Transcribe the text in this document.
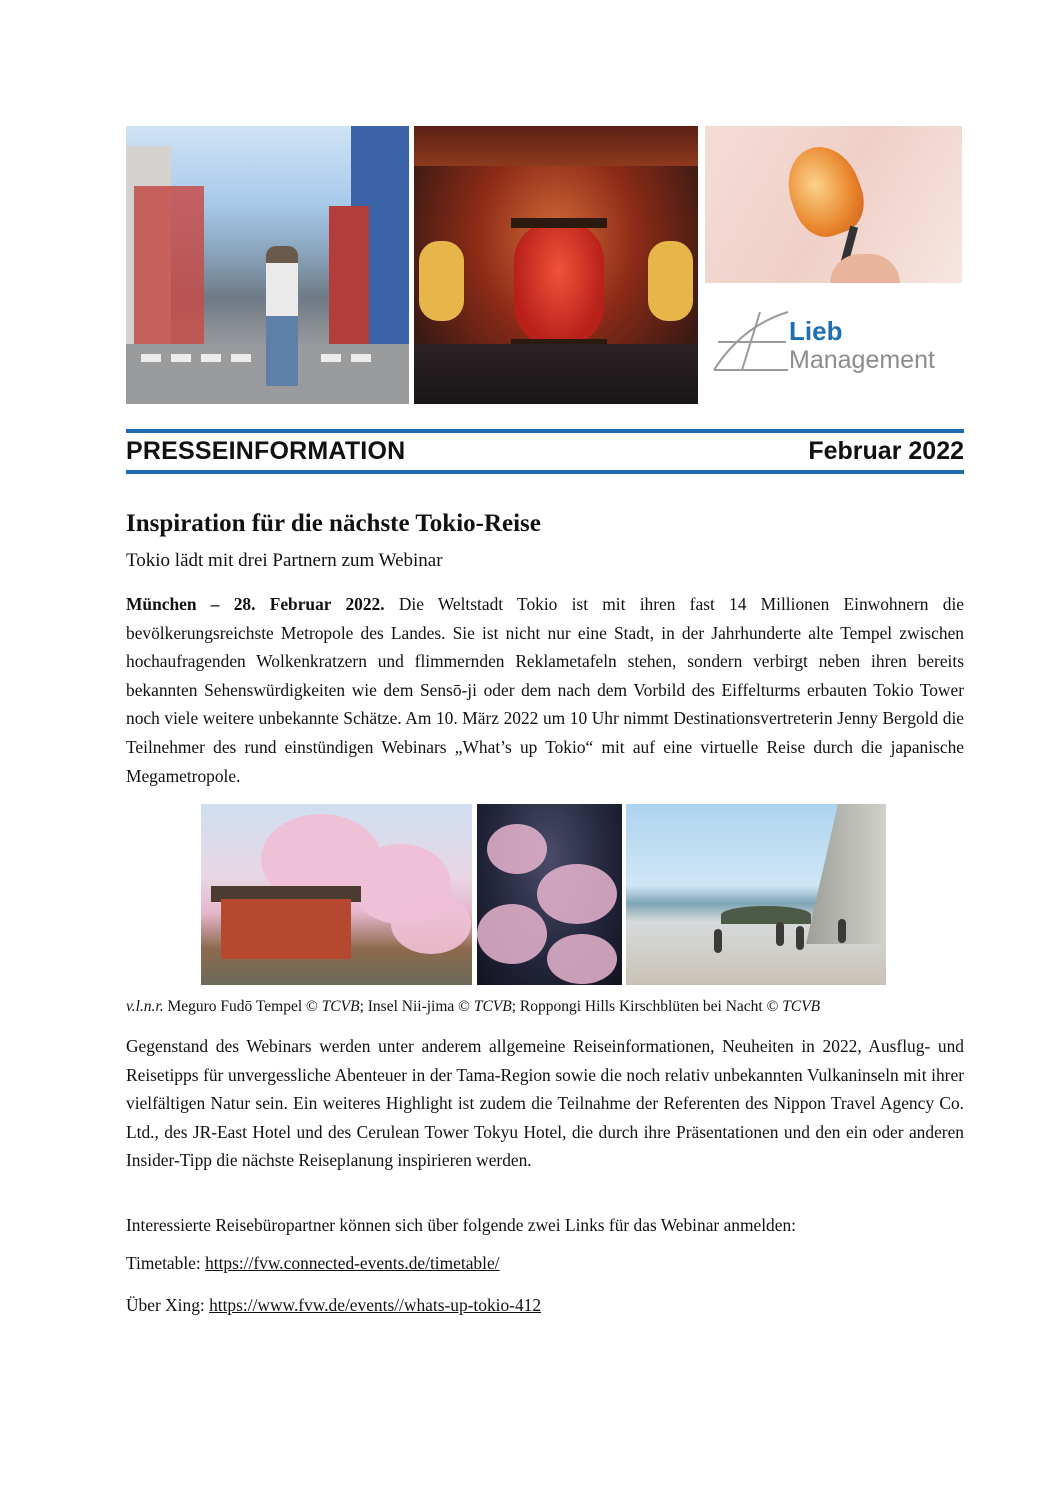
Lieb
Management
PRESSEINFORMATION	Februar 2022
Inspiration für die nächste Tokio-Reise
Tokio lädt mit drei Partnern zum Webinar
München – 28. Februar 2022. Die Weltstadt Tokio ist mit ihren fast 14 Millionen Einwohnern die bevölkerungsreichste Metropole des Landes. Sie ist nicht nur eine Stadt, in der Jahrhunderte alte Tempel zwischen hochaufragenden Wolkenkratzern und flimmernden Reklametafeln stehen, sondern verbirgt neben ihren bereits bekannten Sehenswürdigkeiten wie dem Sensō-ji oder dem nach dem Vorbild des Eiffelturms erbauten Tokio Tower noch viele weitere unbekannte Schätze. Am 10. März 2022 um 10 Uhr nimmt Destinationsvertreterin Jenny Bergold die Teilnehmer des rund einstündigen Webinars „What’s up Tokio“ mit auf eine virtuelle Reise durch die japanische Megametropole.
v.l.n.r. Meguro Fudō Tempel © TCVB; Insel Nii-jima © TCVB; Roppongi Hills Kirschblüten bei Nacht © TCVB
Gegenstand des Webinars werden unter anderem allgemeine Reiseinformationen, Neuheiten in 2022, Ausflug- und Reisetipps für unvergessliche Abenteuer in der Tama-Region sowie die noch relativ unbekannten Vulkaninseln mit ihrer vielfältigen Natur sein. Ein weiteres Highlight ist zudem die Teilnahme der Referenten des Nippon Travel Agency Co. Ltd., des JR-East Hotel und des Cerulean Tower Tokyu Hotel, die durch ihre Präsentationen und den ein oder anderen Insider-Tipp die nächste Reiseplanung inspirieren werden.
Interessierte Reisebüropartner können sich über folgende zwei Links für das Webinar anmelden:
Timetable: https://fvw.connected-events.de/timetable/
Über Xing: https://www.fvw.de/events//whats-up-tokio-412
